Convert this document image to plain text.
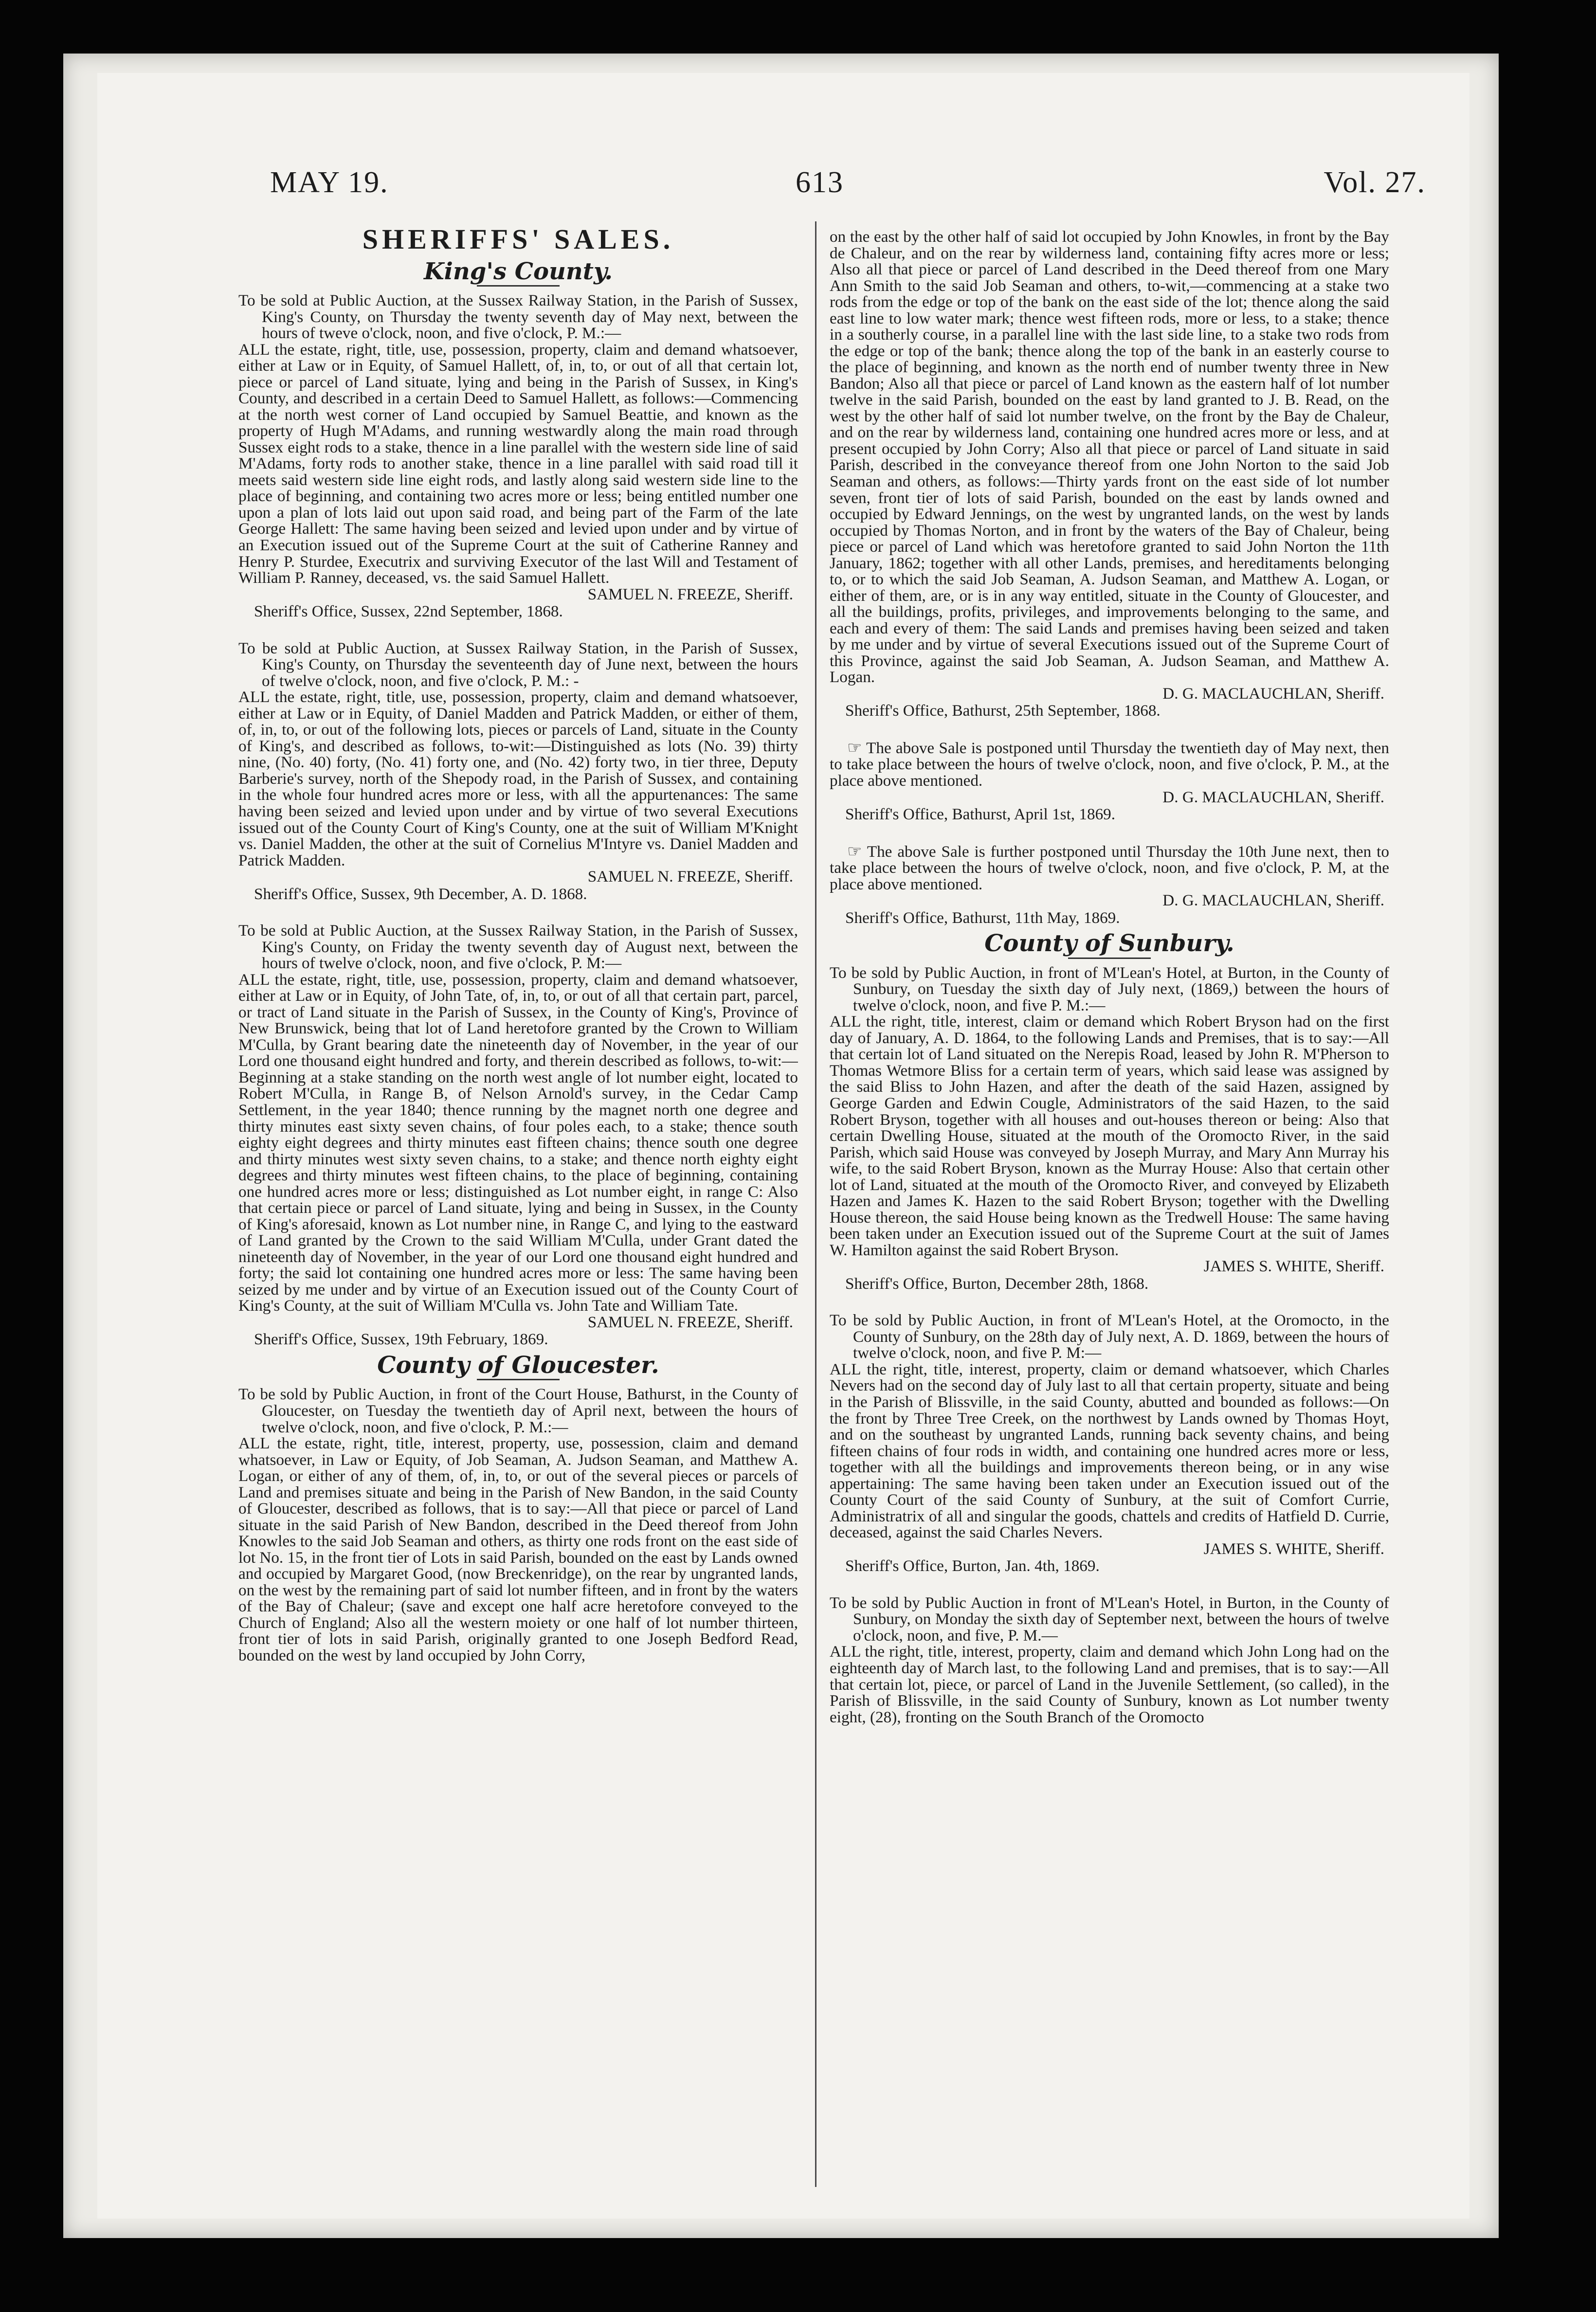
MAY 19.	613	Vol. 27.
SHERIFFS' SALES.
King's County.

To be sold at Public Auction, at the Sussex Railway Station, in the Parish of Sussex, King's County, on Thursday the twenty seventh day of May next, between the hours of tweve o'clock, noon, and five o'clock, P. M.:—

ALL the estate, right, title, use, possession, property, claim and demand whatsoever, either at Law or in Equity, of Samuel Hallett, of, in, to, or out of all that certain lot, piece or parcel of Land situate, lying and being in the Parish of Sussex, in King's County, and described in a certain Deed to Samuel Hallett, as follows:—Commencing at the north west corner of Land occupied by Samuel Beattie, and known as the property of Hugh M'Adams, and running westwardly along the main road through Sussex eight rods to a stake, thence in a line parallel with the western side line of said M'Adams, forty rods to another stake, thence in a line parallel with said road till it meets said western side line eight rods, and lastly along said western side line to the place of beginning, and containing two acres more or less; being entitled number one upon a plan of lots laid out upon said road, and being part of the Farm of the late George Hallett: The same having been seized and levied upon under and by virtue of an Execution issued out of the Supreme Court at the suit of Catherine Ranney and Henry P. Sturdee, Executrix and surviving Executor of the last Will and Testament of William P. Ranney, deceased, vs. the said Samuel Hallett.

SAMUEL N. FREEZE, Sheriff.

Sheriff's Office, Sussex, 22nd September, 1868.

To be sold at Public Auction, at Sussex Railway Station, in the Parish of Sussex, King's County, on Thursday the seventeenth day of June next, between the hours of twelve o'clock, noon, and five o'clock, P. M.: -

ALL the estate, right, title, use, possession, property, claim and demand whatsoever, either at Law or in Equity, of Daniel Madden and Patrick Madden, or either of them, of, in, to, or out of the following lots, pieces or parcels of Land, situate in the County of King's, and described as follows, to-wit:—Distinguished as lots (No. 39) thirty nine, (No. 40) forty, (No. 41) forty one, and (No. 42) forty two, in tier three, Deputy Barberie's survey, north of the Shepody road, in the Parish of Sussex, and containing in the whole four hundred acres more or less, with all the appurtenances: The same having been seized and levied upon under and by virtue of two several Executions issued out of the County Court of King's County, one at the suit of William M'Knight vs. Daniel Madden, the other at the suit of Cornelius M'Intyre vs. Daniel Madden and Patrick Madden.

SAMUEL N. FREEZE, Sheriff.

Sheriff's Office, Sussex, 9th December, A. D. 1868.

To be sold at Public Auction, at the Sussex Railway Station, in the Parish of Sussex, King's County, on Friday the twenty seventh day of August next, between the hours of twelve o'clock, noon, and five o'clock, P. M:—

ALL the estate, right, title, use, possession, property, claim and demand whatsoever, either at Law or in Equity, of John Tate, of, in, to, or out of all that certain part, parcel, or tract of Land situate in the Parish of Sussex, in the County of King's, Province of New Brunswick, being that lot of Land heretofore granted by the Crown to William M'Culla, by Grant bearing date the nineteenth day of November, in the year of our Lord one thousand eight hundred and forty, and therein described as follows, to-wit:—Beginning at a stake standing on the north west angle of lot number eight, located to Robert M'Culla, in Range B, of Nelson Arnold's survey, in the Cedar Camp Settlement, in the year 1840; thence running by the magnet north one degree and thirty minutes east sixty seven chains, of four poles each, to a stake; thence south eighty eight degrees and thirty minutes east fifteen chains; thence south one degree and thirty minutes west sixty seven chains, to a stake; and thence north eighty eight degrees and thirty minutes west fifteen chains, to the place of beginning, containing one hundred acres more or less; distinguished as Lot number eight, in range C: Also that certain piece or parcel of Land situate, lying and being in Sussex, in the County of King's aforesaid, known as Lot number nine, in Range C, and lying to the eastward of Land granted by the Crown to the said William M'Culla, under Grant dated the nineteenth day of November, in the year of our Lord one thousand eight hundred and forty; the said lot containing one hundred acres more or less: The same having been seized by me under and by virtue of an Execution issued out of the County Court of King's County, at the suit of William M'Culla vs. John Tate and William Tate.

SAMUEL N. FREEZE, Sheriff.

Sheriff's Office, Sussex, 19th February, 1869.

County of Gloucester.

To be sold by Public Auction, in front of the Court House, Bathurst, in the County of Gloucester, on Tuesday the twentieth day of April next, between the hours of twelve o'clock, noon, and five o'clock, P. M.:—

ALL the estate, right, title, interest, property, use, possession, claim and demand whatsoever, in Law or Equity, of Job Seaman, A. Judson Seaman, and Matthew A. Logan, or either of any of them, of, in, to, or out of the several pieces or parcels of Land and premises situate and being in the Parish of New Bandon, in the said County of Gloucester, described as follows, that is to say:—All that piece or parcel of Land situate in the said Parish of New Bandon, described in the Deed thereof from John Knowles to the said Job Seaman and others, as thirty one rods front on the east side of lot No. 15, in the front tier of Lots in said Parish, bounded on the east by Lands owned and occupied by Margaret Good, (now Breckenridge), on the rear by ungranted lands, on the west by the remaining part of said lot number fifteen, and in front by the waters of the Bay of Chaleur; (save and except one half acre heretofore conveyed to the Church of England; Also all the western moiety or one half of lot number thirteen, front tier of lots in said Parish, originally granted to one Joseph Bedford Read, bounded on the west by land occupied by John Corry,

on the east by the other half of said lot occupied by John Knowles, in front by the Bay de Chaleur, and on the rear by wilderness land, containing fifty acres more or less; Also all that piece or parcel of Land described in the Deed thereof from one Mary Ann Smith to the said Job Seaman and others, to-wit,—commencing at a stake two rods from the edge or top of the bank on the east side of the lot; thence along the said east line to low water mark; thence west fifteen rods, more or less, to a stake; thence in a southerly course, in a parallel line with the last side line, to a stake two rods from the edge or top of the bank; thence along the top of the bank in an easterly course to the place of beginning, and known as the north end of number twenty three in New Bandon; Also all that piece or parcel of Land known as the eastern half of lot number twelve in the said Parish, bounded on the east by land granted to J. B. Read, on the west by the other half of said lot number twelve, on the front by the Bay de Chaleur, and on the rear by wilderness land, containing one hundred acres more or less, and at present occupied by John Corry; Also all that piece or parcel of Land situate in said Parish, described in the conveyance thereof from one John Norton to the said Job Seaman and others, as follows:—Thirty yards front on the east side of lot number seven, front tier of lots of said Parish, bounded on the east by lands owned and occupied by Edward Jennings, on the west by ungranted lands, on the west by lands occupied by Thomas Norton, and in front by the waters of the Bay of Chaleur, being piece or parcel of Land which was heretofore granted to said John Norton the 11th January, 1862; together with all other Lands, premises, and hereditaments belonging to, or to which the said Job Seaman, A. Judson Seaman, and Matthew A. Logan, or either of them, are, or is in any way entitled, situate in the County of Gloucester, and all the buildings, profits, privileges, and improvements belonging to the same, and each and every of them: The said Lands and premises having been seized and taken by me under and by virtue of several Executions issued out of the Supreme Court of this Province, against the said Job Seaman, A. Judson Seaman, and Matthew A. Logan.

D. G. MACLAUCHLAN, Sheriff.

Sheriff's Office, Bathurst, 25th September, 1868.

☞ The above Sale is postponed until Thursday the twentieth day of May next, then to take place between the hours of twelve o'clock, noon, and five o'clock, P. M., at the place above mentioned.

D. G. MACLAUCHLAN, Sheriff.

Sheriff's Office, Bathurst, April 1st, 1869.

☞ The above Sale is further postponed until Thursday the 10th June next, then to take place between the hours of twelve o'clock, noon, and five o'clock, P. M, at the place above mentioned.

D. G. MACLAUCHLAN, Sheriff.

Sheriff's Office, Bathurst, 11th May, 1869.

County of Sunbury.

To be sold by Public Auction, in front of M'Lean's Hotel, at Burton, in the County of Sunbury, on Tuesday the sixth day of July next, (1869,) between the hours of twelve o'clock, noon, and five P. M.:—

ALL the right, title, interest, claim or demand which Robert Bryson had on the first day of January, A. D. 1864, to the following Lands and Premises, that is to say:—All that certain lot of Land situated on the Nerepis Road, leased by John R. M'Pherson to Thomas Wetmore Bliss for a certain term of years, which said lease was assigned by the said Bliss to John Hazen, and after the death of the said Hazen, assigned by George Garden and Edwin Cougle, Administrators of the said Hazen, to the said Robert Bryson, together with all houses and out-houses thereon or being: Also that certain Dwelling House, situated at the mouth of the Oromocto River, in the said Parish, which said House was conveyed by Joseph Murray, and Mary Ann Murray his wife, to the said Robert Bryson, known as the Murray House: Also that certain other lot of Land, situated at the mouth of the Oromocto River, and conveyed by Elizabeth Hazen and James K. Hazen to the said Robert Bryson; together with the Dwelling House thereon, the said House being known as the Tredwell House: The same having been taken under an Execution issued out of the Supreme Court at the suit of James W. Hamilton against the said Robert Bryson.

JAMES S. WHITE, Sheriff.

Sheriff's Office, Burton, December 28th, 1868.

To be sold by Public Auction, in front of M'Lean's Hotel, at the Oromocto, in the County of Sunbury, on the 28th day of July next, A. D. 1869, between the hours of twelve o'clock, noon, and five P. M:—

ALL the right, title, interest, property, claim or demand whatsoever, which Charles Nevers had on the second day of July last to all that certain property, situate and being in the Parish of Blissville, in the said County, abutted and bounded as follows:—On the front by Three Tree Creek, on the northwest by Lands owned by Thomas Hoyt, and on the southeast by ungranted Lands, running back seventy chains, and being fifteen chains of four rods in width, and containing one hundred acres more or less, together with all the buildings and improvements thereon being, or in any wise appertaining: The same having been taken under an Execution issued out of the County Court of the said County of Sunbury, at the suit of Comfort Currie, Administratrix of all and singular the goods, chattels and credits of Hatfield D. Currie, deceased, against the said Charles Nevers.

JAMES S. WHITE, Sheriff.

Sheriff's Office, Burton, Jan. 4th, 1869.

To be sold by Public Auction in front of M'Lean's Hotel, in Burton, in the County of Sunbury, on Monday the sixth day of September next, between the hours of twelve o'clock, noon, and five, P. M.—

ALL the right, title, interest, property, claim and demand which John Long had on the eighteenth day of March last, to the following Land and premises, that is to say:—All that certain lot, piece, or parcel of Land in the Juvenile Settlement, (so called), in the Parish of Blissville, in the said County of Sunbury, known as Lot number twenty eight, (28), fronting on the South Branch of the Oromocto
